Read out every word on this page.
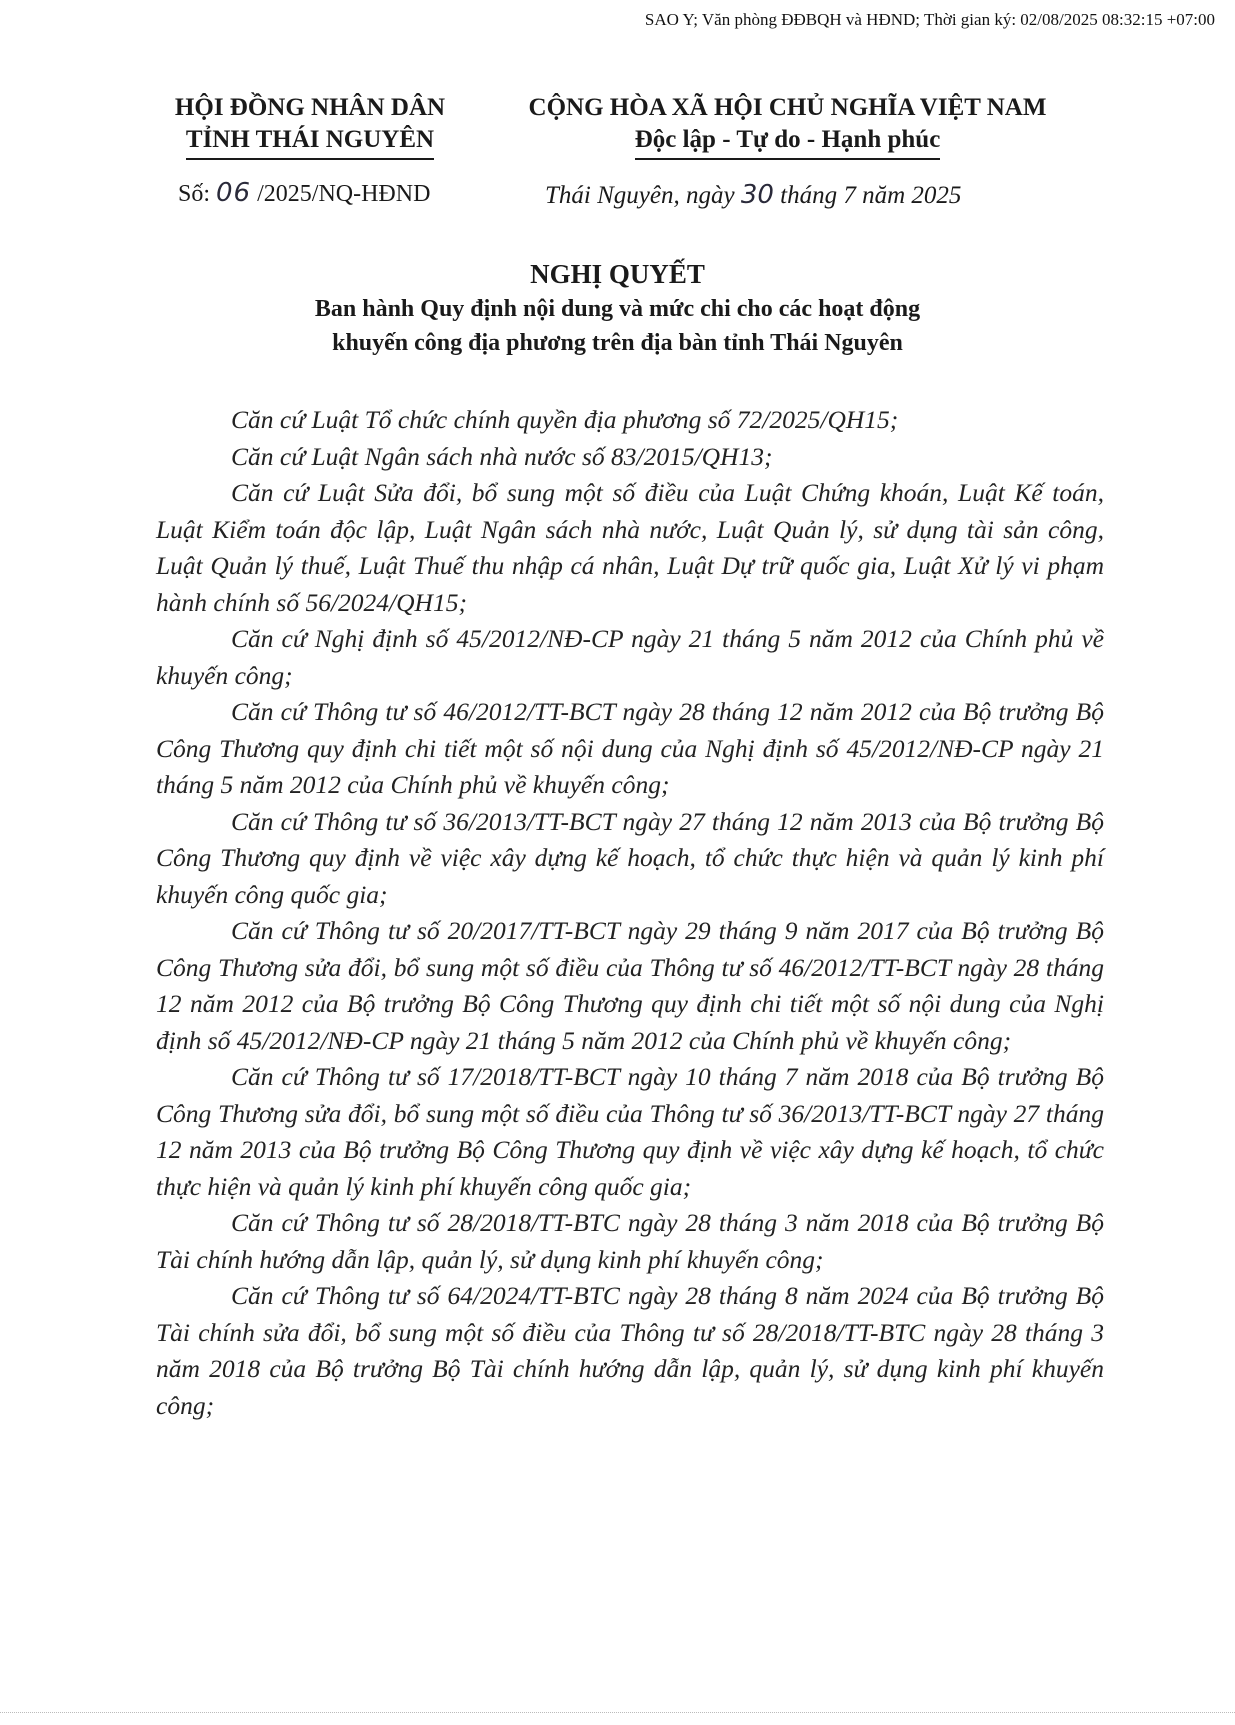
SAO Y; Văn phòng ĐĐBQH và HĐND; Thời gian ký: 02/08/2025 08:32:15 +07:00
HỘI ĐỒNG NHÂN DÂN
TỈNH THÁI NGUYÊN
CỘNG HÒA XÃ HỘI CHỦ NGHĨA VIỆT NAM
Độc lập - Tự do - Hạnh phúc
Số: 06 /2025/NQ-HĐND	Thái Nguyên, ngày 30 tháng 7 năm 2025
NGHỊ QUYẾT
Ban hành Quy định nội dung và mức chi cho các hoạt động
khuyến công địa phương trên địa bàn tỉnh Thái Nguyên

Căn cứ Luật Tổ chức chính quyền địa phương số 72/2025/QH15;

Căn cứ Luật Ngân sách nhà nước số 83/2015/QH13;

Căn cứ Luật Sửa đổi, bổ sung một số điều của Luật Chứng khoán, Luật Kế toán, Luật Kiểm toán độc lập, Luật Ngân sách nhà nước, Luật Quản lý, sử dụng tài sản công, Luật Quản lý thuế, Luật Thuế thu nhập cá nhân, Luật Dự trữ quốc gia, Luật Xử lý vi phạm hành chính số 56/2024/QH15;

Căn cứ Nghị định số 45/2012/NĐ-CP ngày 21 tháng 5 năm 2012 của Chính phủ về khuyến công;

Căn cứ Thông tư số 46/2012/TT-BCT ngày 28 tháng 12 năm 2012 của Bộ trưởng Bộ Công Thương quy định chi tiết một số nội dung của Nghị định số 45/2012/NĐ-CP ngày 21 tháng 5 năm 2012 của Chính phủ về khuyến công;

Căn cứ Thông tư số 36/2013/TT-BCT ngày 27 tháng 12 năm 2013 của Bộ trưởng Bộ Công Thương quy định về việc xây dựng kế hoạch, tổ chức thực hiện và quản lý kinh phí khuyến công quốc gia;

Căn cứ Thông tư số 20/2017/TT-BCT ngày 29 tháng 9 năm 2017 của Bộ trưởng Bộ Công Thương sửa đổi, bổ sung một số điều của Thông tư số 46/2012/TT-BCT ngày 28 tháng 12 năm 2012 của Bộ trưởng Bộ Công Thương quy định chi tiết một số nội dung của Nghị định số 45/2012/NĐ-CP ngày 21 tháng 5 năm 2012 của Chính phủ về khuyến công;

Căn cứ Thông tư số 17/2018/TT-BCT ngày 10 tháng 7 năm 2018 của Bộ trưởng Bộ Công Thương sửa đổi, bổ sung một số điều của Thông tư số 36/2013/TT-BCT ngày 27 tháng 12 năm 2013 của Bộ trưởng Bộ Công Thương quy định về việc xây dựng kế hoạch, tổ chức thực hiện và quản lý kinh phí khuyến công quốc gia;

Căn cứ Thông tư số 28/2018/TT-BTC ngày 28 tháng 3 năm 2018 của Bộ trưởng Bộ Tài chính hướng dẫn lập, quản lý, sử dụng kinh phí khuyến công;

Căn cứ Thông tư số 64/2024/TT-BTC ngày 28 tháng 8 năm 2024 của Bộ trưởng Bộ Tài chính sửa đổi, bổ sung một số điều của Thông tư số 28/2018/TT-BTC ngày 28 tháng 3 năm 2018 của Bộ trưởng Bộ Tài chính hướng dẫn lập, quản lý, sử dụng kinh phí khuyến công;
